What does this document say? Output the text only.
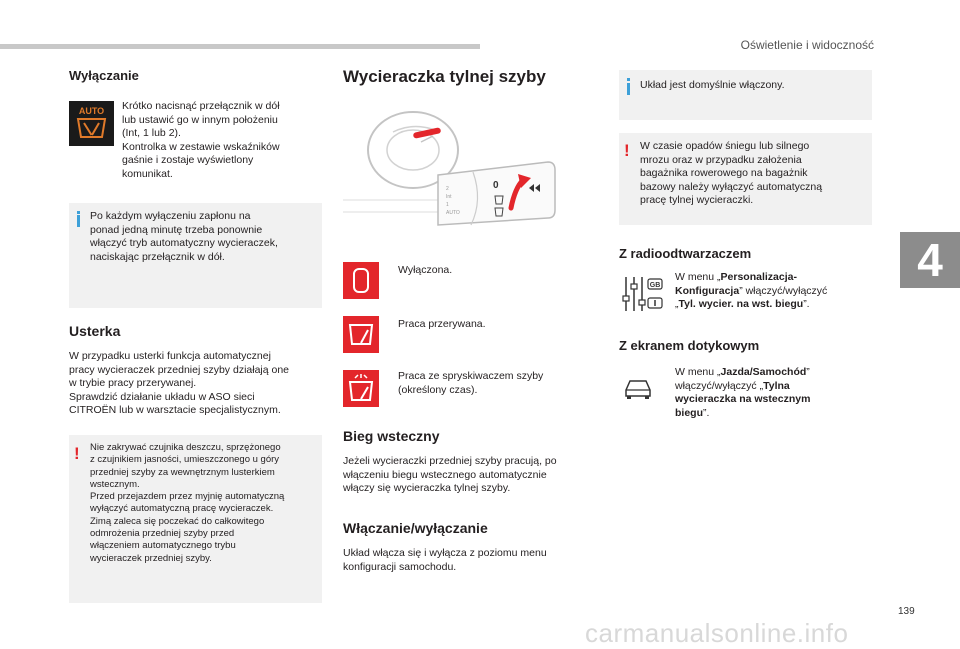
Oświetlenie i widoczność
4
139
carmanualsonline.info
Wyłączanie
AUTO Krótko nacisnąć przełącznik w dół
lub ustawić go w innym położeniu
(Int, 1 lub 2).
Kontrolka w zestawie wskaźników
gaśnie i zostaje wyświetlony
komunikat.
Po każdym wyłączeniu zapłonu na
ponad jedną minutę trzeba ponownie
włączyć tryb automatyczny wycieraczek,
naciskając przełącznik w dół.
Usterka
W przypadku usterki funkcja automatycznej
pracy wycieraczek przedniej szyby działają one
w trybie pracy przerywanej.
Sprawdzić działanie układu w ASO sieci
CITROËN lub w warsztacie specjalistycznym.
! Nie zakrywać czujnika deszczu, sprzężonego
z czujnikiem jasności, umieszczonego u góry
przedniej szyby za wewnętrznym lusterkiem
wstecznym.
Przed przejazdem przez myjnię automatyczną
wyłączyć automatyczną pracę wycieraczek.
Zimą zaleca się poczekać do całkowitego
odmrożenia przedniej szyby przed
włączeniem automatycznego trybu
wycieraczek przedniej szyby.
Wycieraczka tylnej szyby
0
2
Int
1
AUTO
Wyłączona.
Praca przerywana.
Praca ze spryskiwaczem szyby
(określony czas).
Bieg wsteczny
Jeżeli wycieraczki przedniej szyby pracują, po
włączeniu biegu wstecznego automatycznie
włączy się wycieraczka tylnej szyby.
Włączanie/wyłączanie
Układ włącza się i wyłącza z poziomu menu
konfiguracji samochodu.
Układ jest domyślnie włączony.
! W czasie opadów śniegu lub silnego
mrozu oraz w przypadku założenia
bagażnika rowerowego na bagażnik
bazowy należy wyłączyć automatyczną
pracę tylnej wycieraczki.
Z radioodtwarzaczem
GB
W menu „Personalizacja-
Konfiguracja” włączyć/wyłączyć
„Tyl. wycier. na wst. biegu”.
Z ekranem dotykowym
W menu „Jazda/Samochód”
włączyć/wyłączyć „Tylna
wycieraczka na wstecznym
biegu”.
